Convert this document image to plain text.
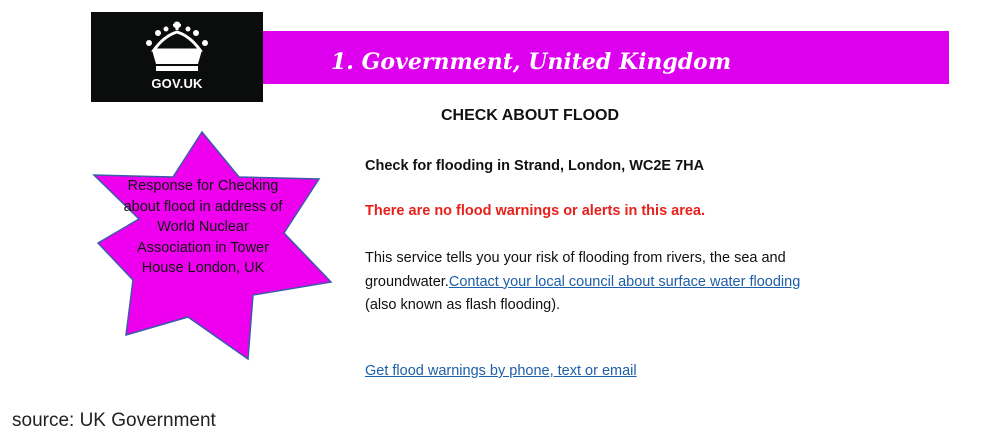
GOV.UK
1. Government, United Kingdom
CHECK ABOUT FLOOD
Response for Checking about flood in address of World Nuclear Association in Tower House London, UK
Check for flooding in Strand, London, WC2E 7HA
There are no flood warnings or alerts in this area.
This service tells you your risk of flooding from rivers, the sea and groundwater.Contact your local council about surface water flooding (also known as flash flooding).
Get flood warnings by phone, text or email
source: UK Government
